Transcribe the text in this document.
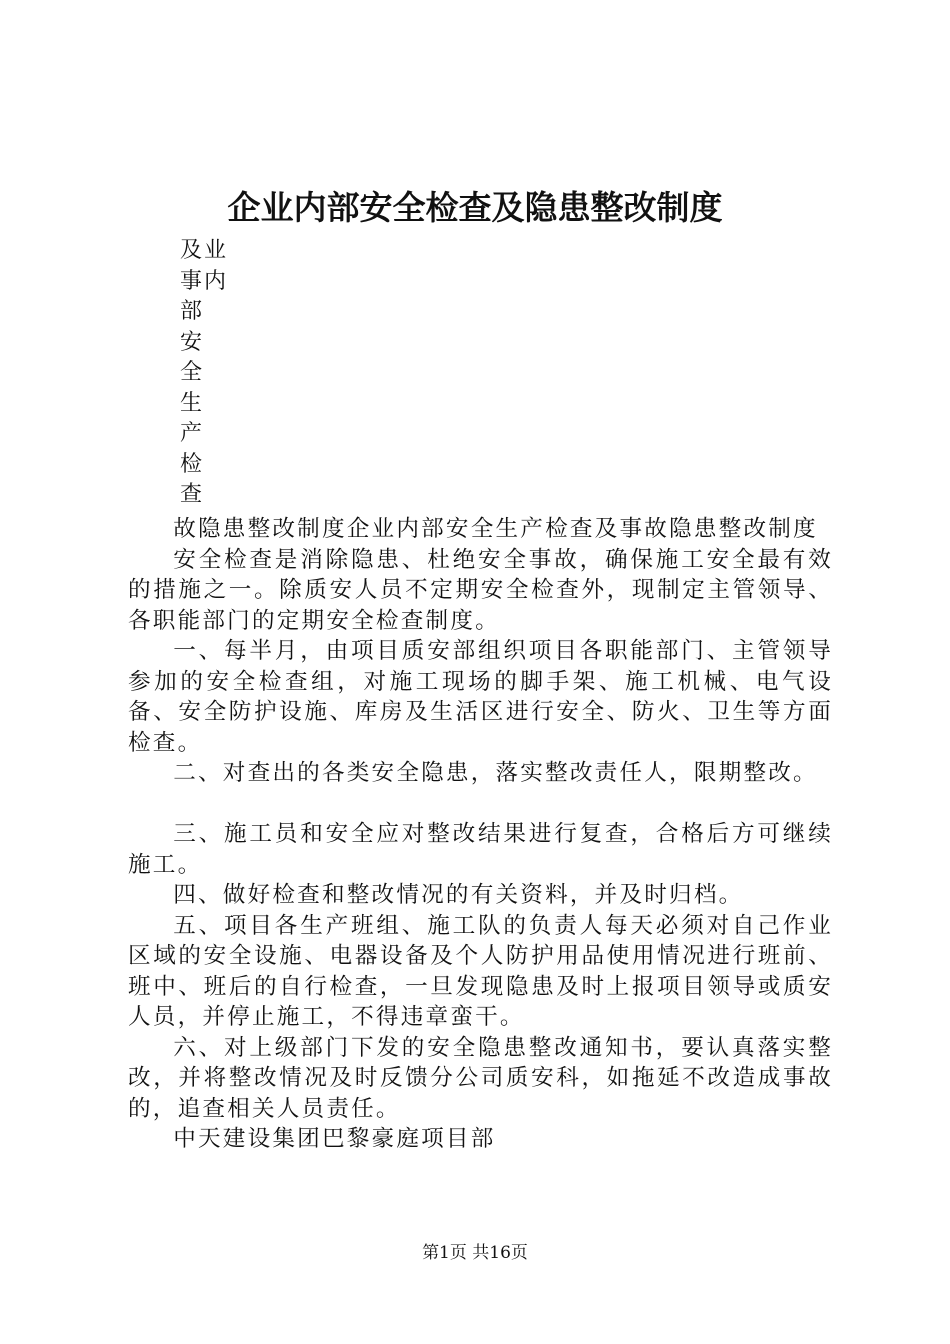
企业内部安全检查及隐患整改制度
及业
事内
部
安
全
生
产
检
查

故隐患整改制度企业内部安全生产检查及事故隐患整改制度

安全检查是消除隐患、杜绝安全事故，确保施工安全最有效的措施之一。除质安人员不定期安全检查外，现制定主管领导、各职能部门的定期安全检查制度。

一、每半月，由项目质安部组织项目各职能部门、主管领导参加的安全检查组，对施工现场的脚手架、施工机械、电气设备、安全防护设施、库房及生活区进行安全、防火、卫生等方面检查。

二、对查出的各类安全隐患，落实整改责任人，限期整改。

三、施工员和安全应对整改结果进行复查，合格后方可继续施工。

四、做好检查和整改情况的有关资料，并及时归档。

五、项目各生产班组、施工队的负责人每天必须对自己作业区域的安全设施、电器设备及个人防护用品使用情况进行班前、班中、班后的自行检查，一旦发现隐患及时上报项目领导或质安人员，并停止施工，不得违章蛮干。

六、对上级部门下发的安全隐患整改通知书，要认真落实整改，并将整改情况及时反馈分公司质安科，如拖延不改造成事故的，追查相关人员责任。

中天建设集团巴黎豪庭项目部

第1页 共16页
